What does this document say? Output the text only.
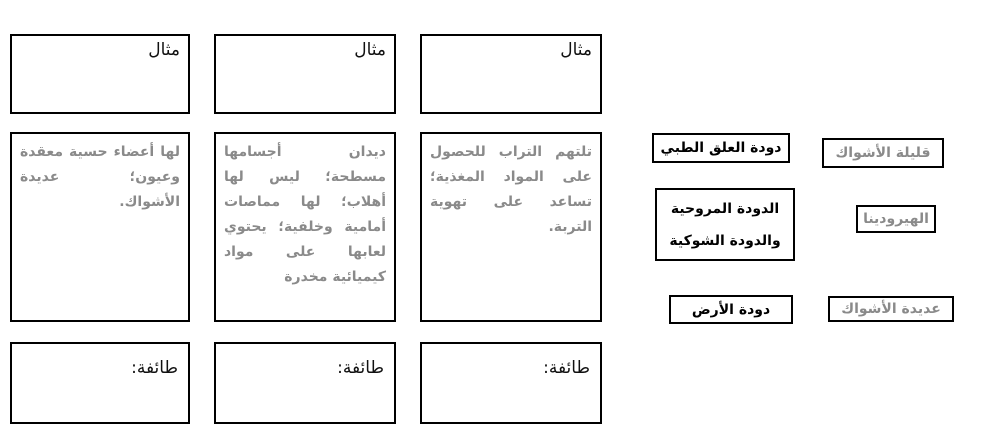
مثال
مثال
مثال
تلتهم التراب للحصول على المواد المغذية؛ تساعد على تهوية التربة.
ديدان أجسامها مسطحة؛ ليس لها أهلاب؛ لها مماصات أمامية وخلفية؛ يحتوي لعابها على مواد كيميائية مخدرة
لها أعضاء حسية معقدة وعيون؛ عديدة الأشواك.
طائفة:
طائفة:
طائفة:
دودة العلق الطبي
الدودة المروحية
والدودة الشوكية
دودة الأرض
قليلة الأشواك
الهيرودينا
عديدة الأشواك
